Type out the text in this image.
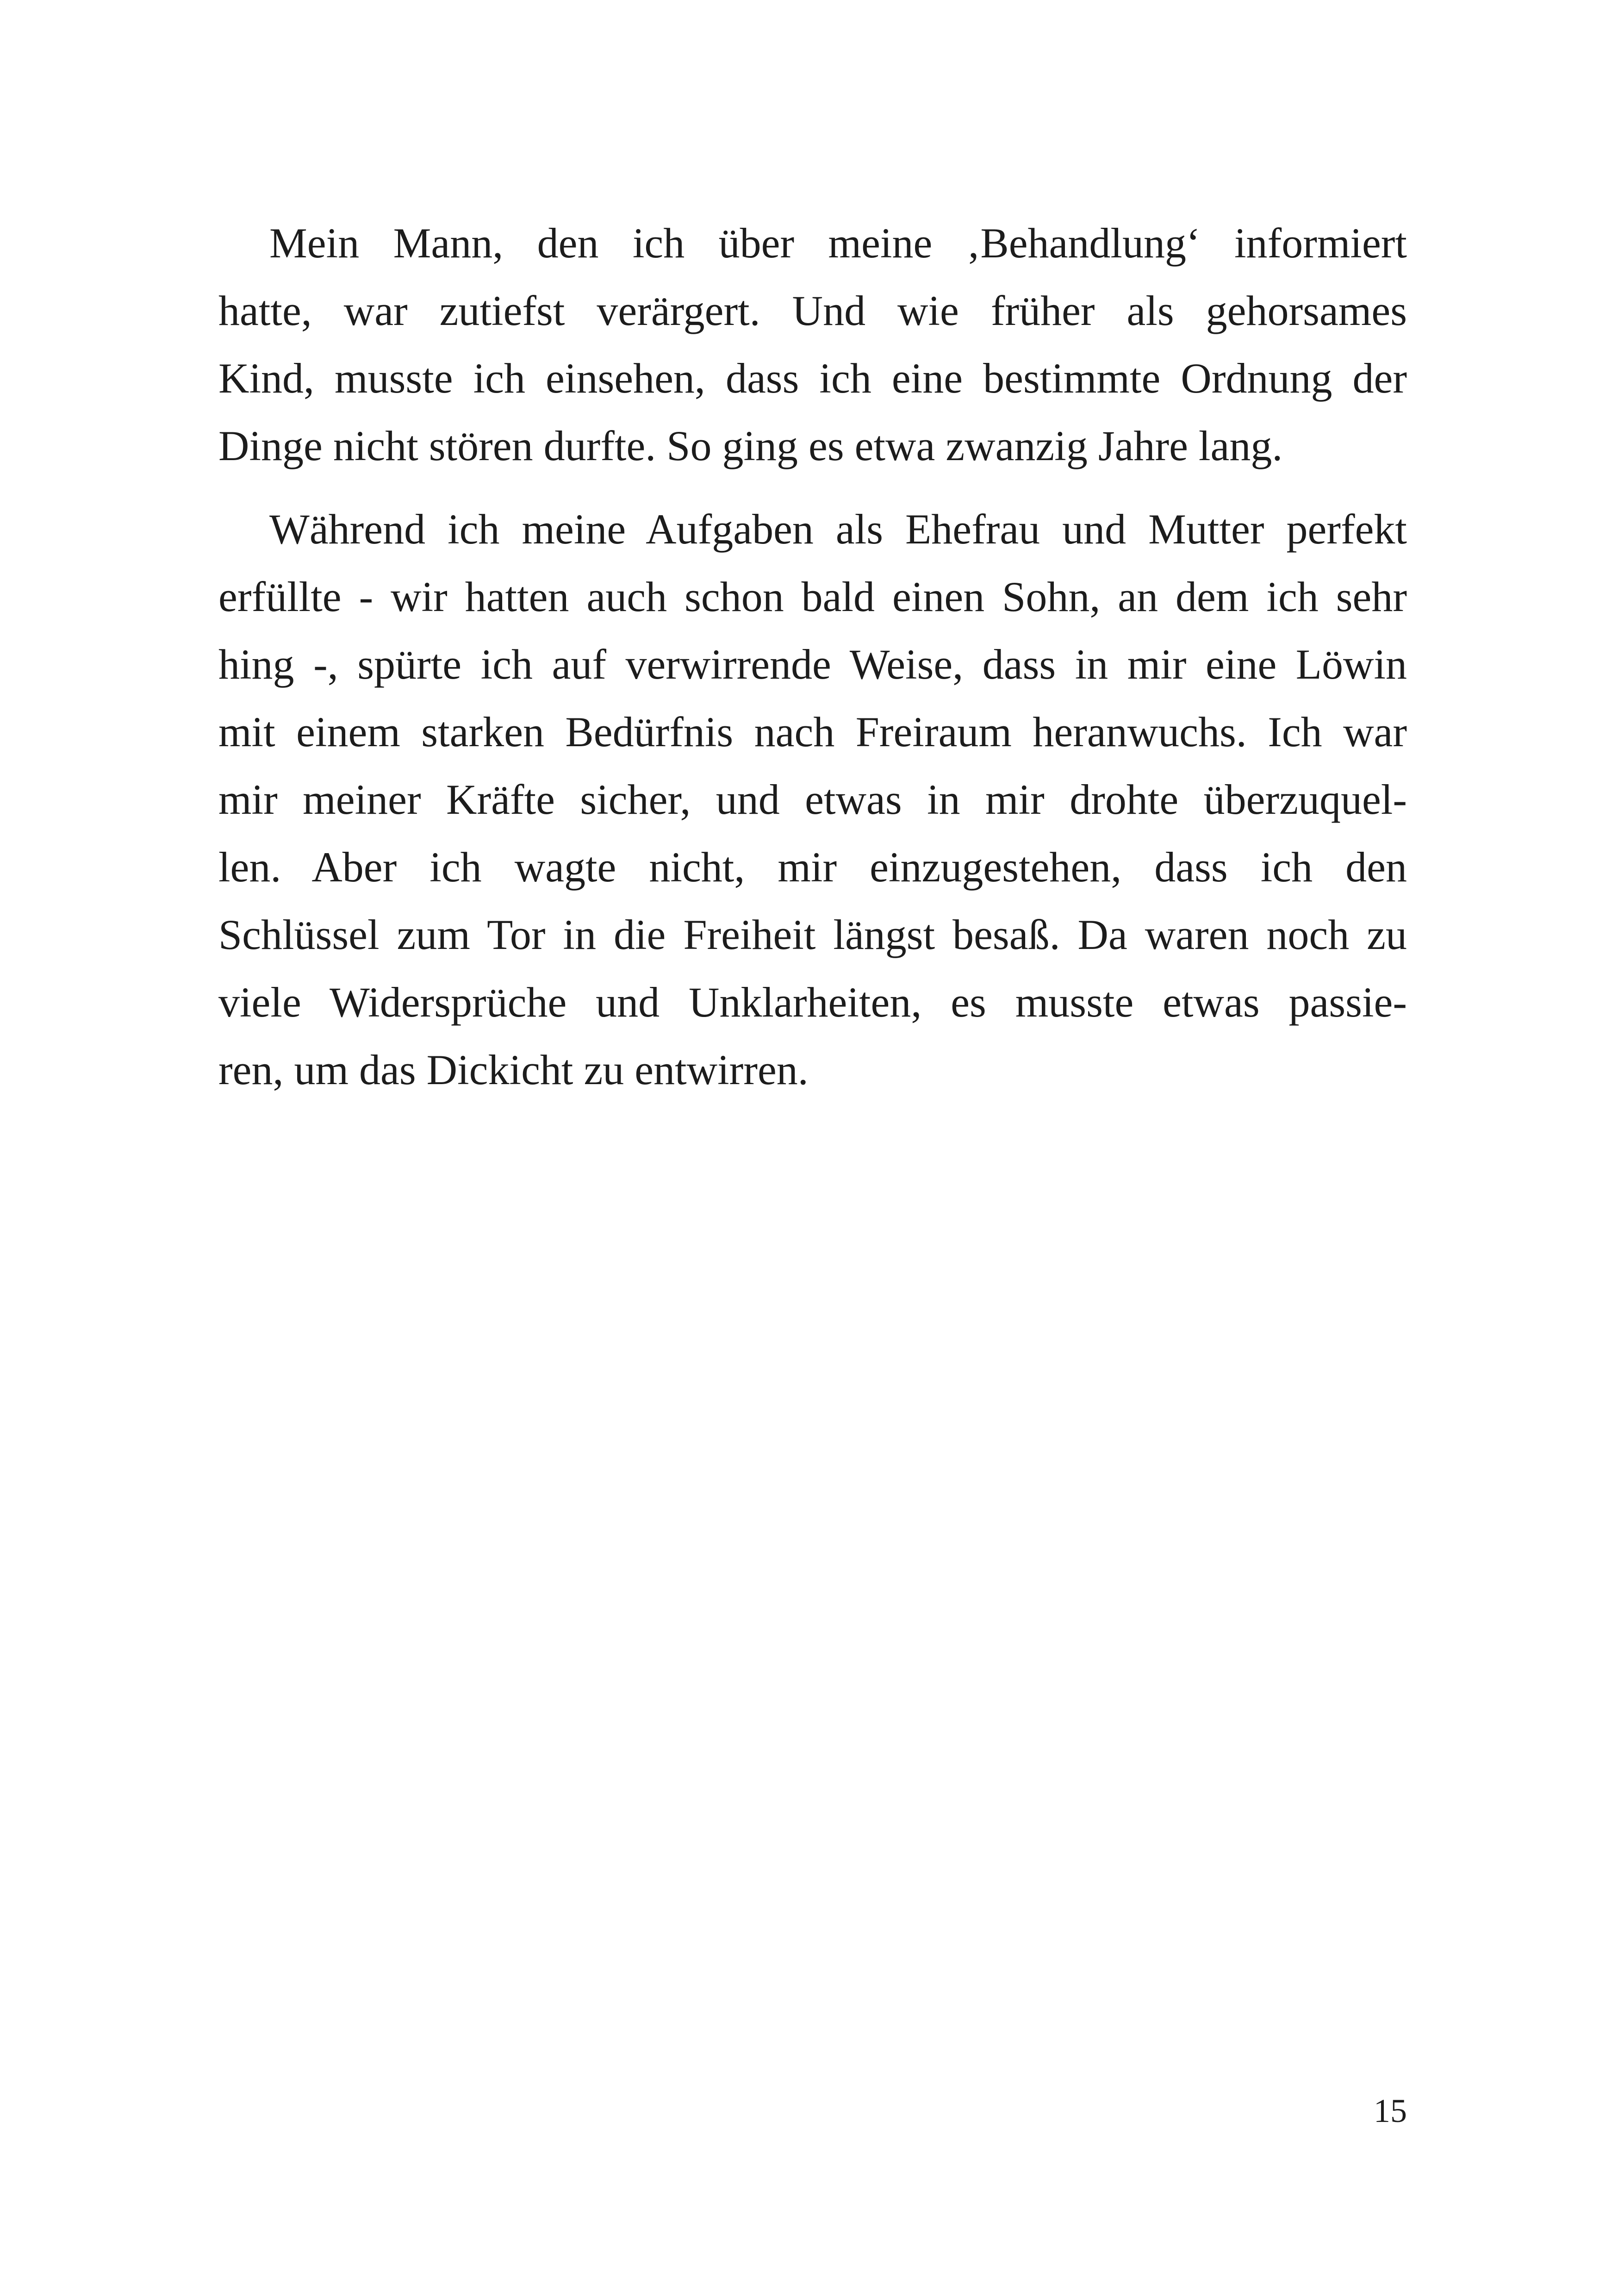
Mein Mann, den ich über meine ‚Behandlung‘ informiert
hatte, war zutiefst verärgert. Und wie früher als gehorsames
Kind, musste ich einsehen, dass ich eine bestimmte Ordnung der
Dinge nicht stören durfte. So ging es etwa zwanzig Jahre lang.
Während ich meine Aufgaben als Ehefrau und Mutter perfekt
erfüllte - wir hatten auch schon bald einen Sohn, an dem ich sehr
hing -, spürte ich auf verwirrende Weise, dass in mir eine Löwin
mit einem starken Bedürfnis nach Freiraum heranwuchs. Ich war
mir meiner Kräfte sicher, und etwas in mir drohte überzuquel-
len. Aber ich wagte nicht, mir einzugestehen, dass ich den
Schlüssel zum Tor in die Freiheit längst besaß. Da waren noch zu
viele Widersprüche und Unklarheiten, es musste etwas passie-
ren, um das Dickicht zu entwirren.
15
